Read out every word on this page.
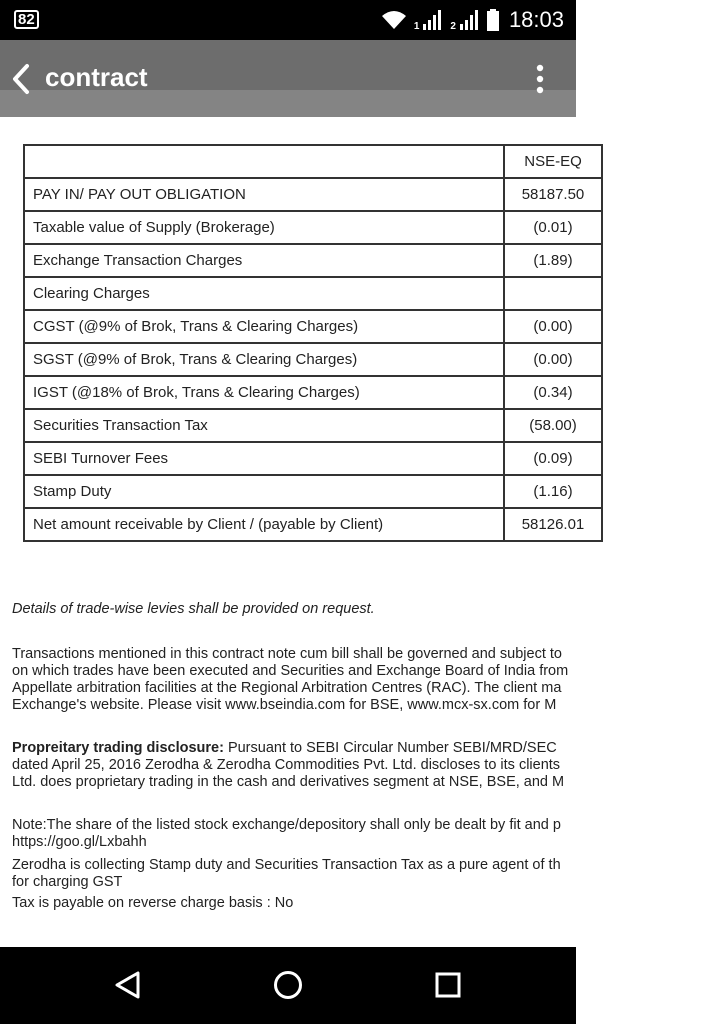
82	1	2 18:03
contract
	NSE-EQ
PAY IN/ PAY OUT OBLIGATION	58187.50
Taxable value of Supply (Brokerage)	(0.01)
Exchange Transaction Charges	(1.89)
Clearing Charges	
CGST (@9% of Brok, Trans & Clearing Charges)	(0.00)
SGST (@9% of Brok, Trans & Clearing Charges)	(0.00)
IGST (@18% of Brok, Trans & Clearing Charges)	(0.34)
Securities Transaction Tax	(58.00)
SEBI Turnover Fees	(0.09)
Stamp Duty	(1.16)
Net amount receivable by Client / (payable by Client)	58126.01
Details of trade-wise levies shall be provided on request.
Transactions mentioned in this contract note cum bill shall be governed and subject to
on which trades have been executed and Securities and Exchange Board of India from
Appellate arbitration facilities at the Regional Arbitration Centres (RAC). The client ma
Exchange's website. Please visit www.bseindia.com for BSE, www.mcx-sx.com for M
Propreitary trading disclosure: Pursuant to SEBI Circular Number SEBI/MRD/SEC
dated April 25, 2016 Zerodha & Zerodha Commodities Pvt. Ltd. discloses to its clients
Ltd. does proprietary trading in the cash and derivatives segment at NSE, BSE, and M
Note:The share of the listed stock exchange/depository shall only be dealt by fit and p
https://goo.gl/Lxbahh
Zerodha is collecting Stamp duty and Securities Transaction Tax as a pure agent of th
for charging GST
Tax is payable on reverse charge basis : No
